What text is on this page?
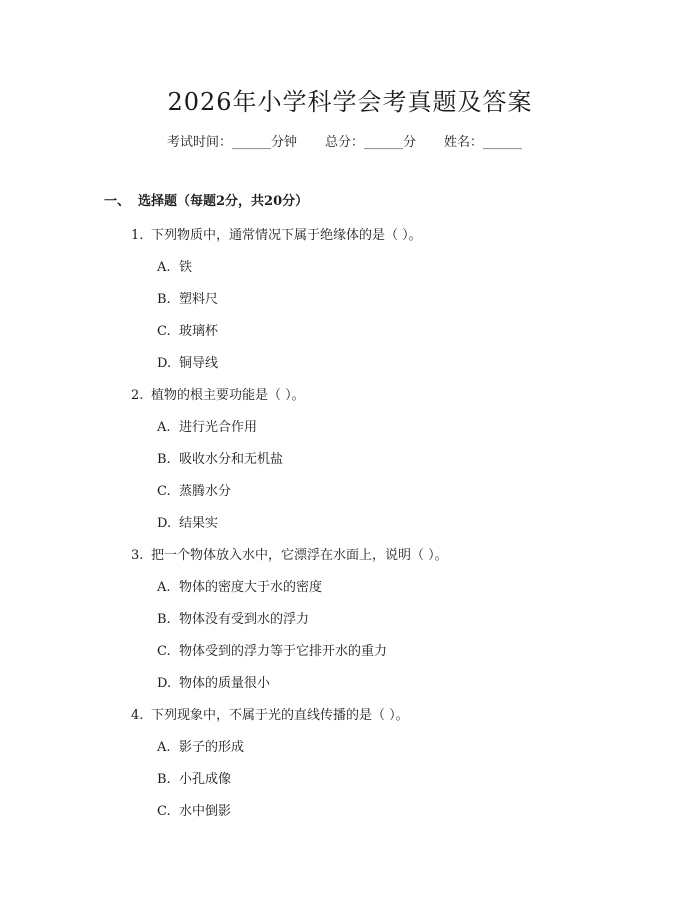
2026年小学科学会考真题及答案
考试时间：______分钟 总分：______分 姓名：______
一、 选择题（每题2分，共20分）
1. 下列物质中，通常情况下属于绝缘体的是（ ）。
A. 铁
B. 塑料尺
C. 玻璃杯
D. 铜导线
2. 植物的根主要功能是（ ）。
A. 进行光合作用
B. 吸收水分和无机盐
C. 蒸腾水分
D. 结果实
3. 把一个物体放入水中，它漂浮在水面上，说明（ ）。
A. 物体的密度大于水的密度
B. 物体没有受到水的浮力
C. 物体受到的浮力等于它排开水的重力
D. 物体的质量很小
4. 下列现象中，不属于光的直线传播的是（ ）。
A. 影子的形成
B. 小孔成像
C. 水中倒影
